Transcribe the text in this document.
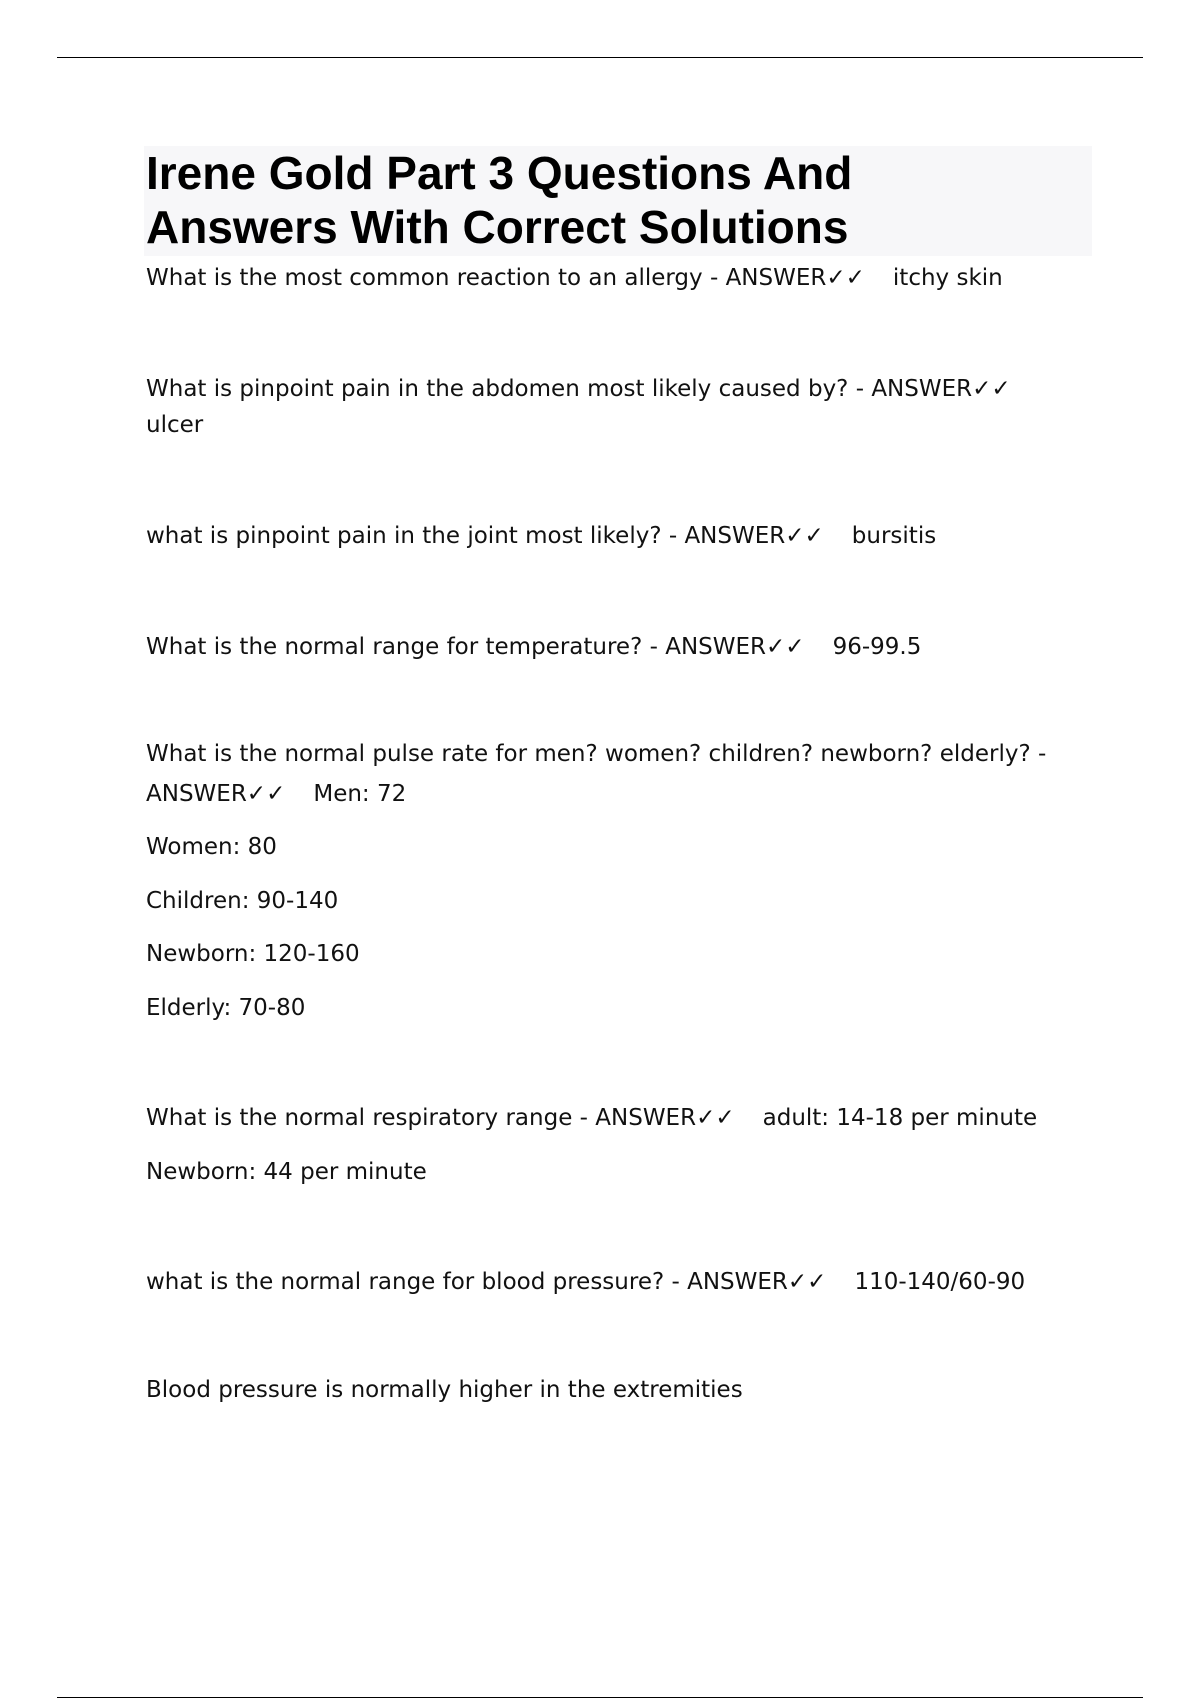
Irene Gold Part 3 Questions And
Answers With Correct Solutions
What is the most common reaction to an allergy - ANSWER✓✓ itchy skin
What is pinpoint pain in the abdomen most likely caused by? - ANSWER✓✓
ulcer
what is pinpoint pain in the joint most likely? - ANSWER✓✓ bursitis
What is the normal range for temperature? - ANSWER✓✓ 96-99.5
What is the normal pulse rate for men? women? children? newborn? elderly? -
ANSWER✓✓ Men: 72
Women: 80
Children: 90-140
Newborn: 120-160
Elderly: 70-80
What is the normal respiratory range - ANSWER✓✓ adult: 14-18 per minute
Newborn: 44 per minute
what is the normal range for blood pressure? - ANSWER✓✓ 110-140/60-90
Blood pressure is normally higher in the extremities
